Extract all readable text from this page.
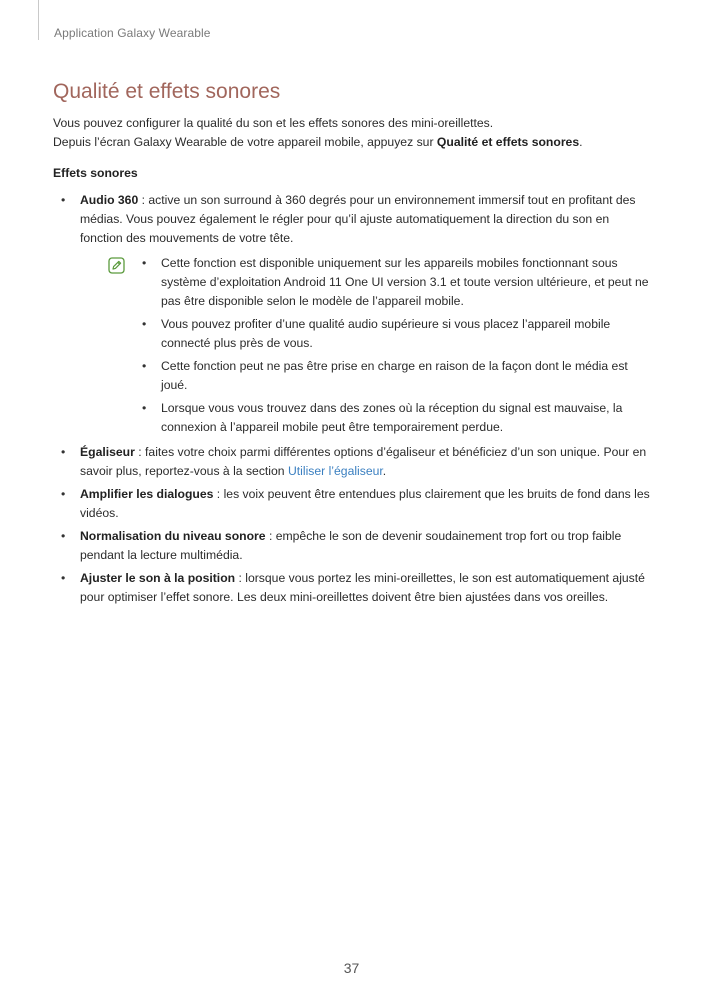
Application Galaxy Wearable
Qualité et effets sonores

Vous pouvez configurer la qualité du son et les effets sonores des mini-oreillettes.

Depuis l’écran Galaxy Wearable de votre appareil mobile, appuyez sur Qualité et effets sonores.

Effets sonores

• Audio 360 : active un son surround à 360 degrés pour un environnement immersif tout en profitant des médias. Vous pouvez également le régler pour qu’il ajuste automatiquement la direction du son en fonction des mouvements de votre tête.
• Cette fonction est disponible uniquement sur les appareils mobiles fonctionnant sous système d’exploitation Android 11 One UI version 3.1 et toute version ultérieure, et peut ne pas être disponible selon le modèle de l’appareil mobile.
• Vous pouvez profiter d’une qualité audio supérieure si vous placez l’appareil mobile connecté plus près de vous.
• Cette fonction peut ne pas être prise en charge en raison de la façon dont le média est joué.
• Lorsque vous vous trouvez dans des zones où la réception du signal est mauvaise, la connexion à l’appareil mobile peut être temporairement perdue.
• Égaliseur : faites votre choix parmi différentes options d’égaliseur et bénéficiez d’un son unique. Pour en savoir plus, reportez-vous à la section Utiliser l’égaliseur.
• Amplifier les dialogues : les voix peuvent être entendues plus clairement que les bruits de fond dans les vidéos.
• Normalisation du niveau sonore : empêche le son de devenir soudainement trop fort ou trop faible pendant la lecture multimédia.
• Ajuster le son à la position : lorsque vous portez les mini-oreillettes, le son est automatiquement ajusté pour optimiser l’effet sonore. Les deux mini-oreillettes doivent être bien ajustées dans vos oreilles.
37
